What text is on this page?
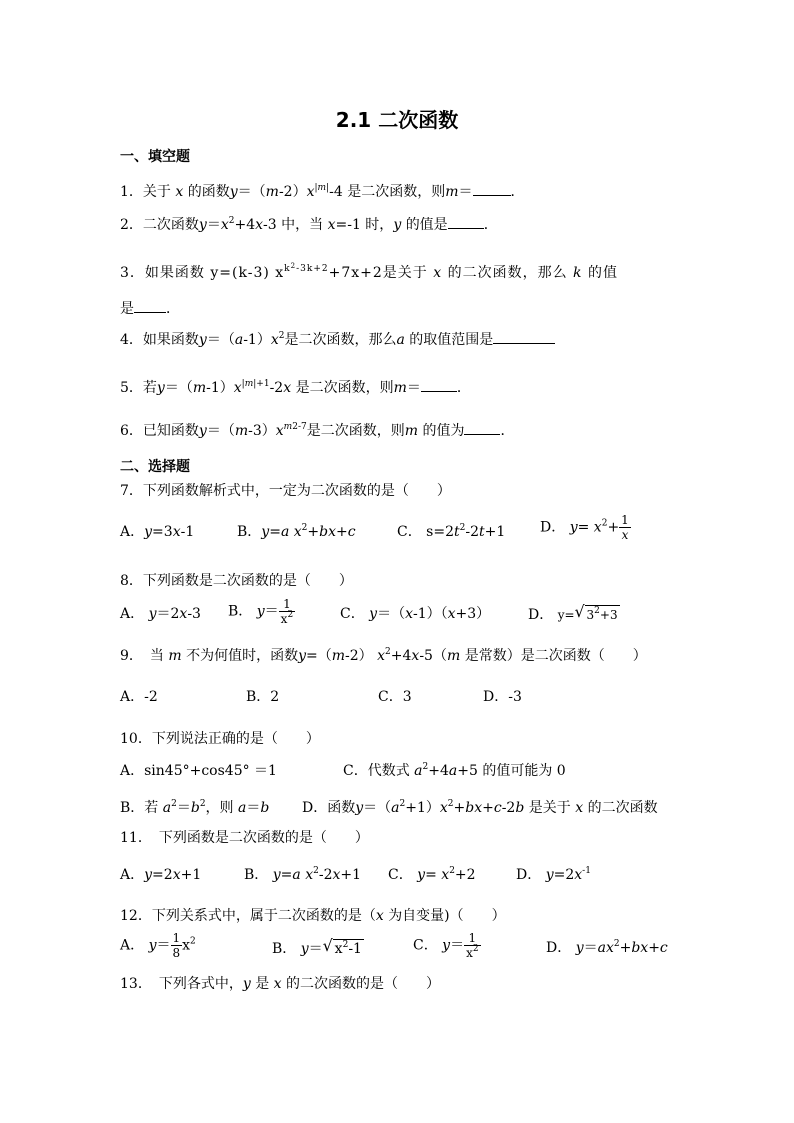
2.1 二次函数
一、填空题
1．关于 x 的函数$y=(m-2)x^{|m|}-4$ 是二次函数，则m＝	．
2．二次函数$y=x^2+4x-3$ 中，当 x=-1 时，y 的值是	．
3．如果函数 y=(k-3) $x^{k^2-3k+2}+7x+2$是关于 x 的二次函数，那么 k 的值
是 ．
4．如果函数$y=(a-1)x^2$是二次函数，那么a 的取值范围是
5．若$y=(m-1)x^{|m|+1}-2x$ 是二次函数，则m＝	．
6．已知函数$y=(m-3)x^{m2-7}$是二次函数，则m 的值为	．
二、选择题
7．下列函数解析式中，一定为二次函数的是（　　）
A．y=3x-1	B．y=a $x^2+bx+c$	C． $s=2t^2-2t+1$ D． $y= x^2+ \frac{1}{x}$
8．下列函数是二次函数的是（　　）
A． y＝2x-3 B． $y= \frac{1}{x^2}$	C． y＝（x-1）（x+3）	D． y= √ $3^2+3$
9．　当 m 不为何值时，函数y=（m-2） $x^2+4x-5(m$ 是常数）是二次函数（　　）
A．-2	B．2	C．3	D．-3
10．下列说法正确的是（　　）
A．sin45°+cos45° ＝1	C．代数式 $a^2+4a+5$ 的值可能为 0
B．若 $a^2=b^2$，则 a＝b D．函数$y=(a^2+1)x^2+bx+c-2b$ 是关于 x 的二次函数
11．　下列函数是二次函数的是（　　）
A．y=2x+1	B． y=a $x^2-2x+1$ C． $y= x^2+2$	D． $y=2x^{-1}$
12．下列关系式中，属于二次函数的是（x 为自变量)（　　）
A． $y= \frac{1}{8} x^2$	B． y＝ √ $x^2-1$	C． $y= \frac{1}{x^2}$	D． $y=ax^2+bx+c$
13．　下列各式中，y 是 x 的二次函数的是（　　）
